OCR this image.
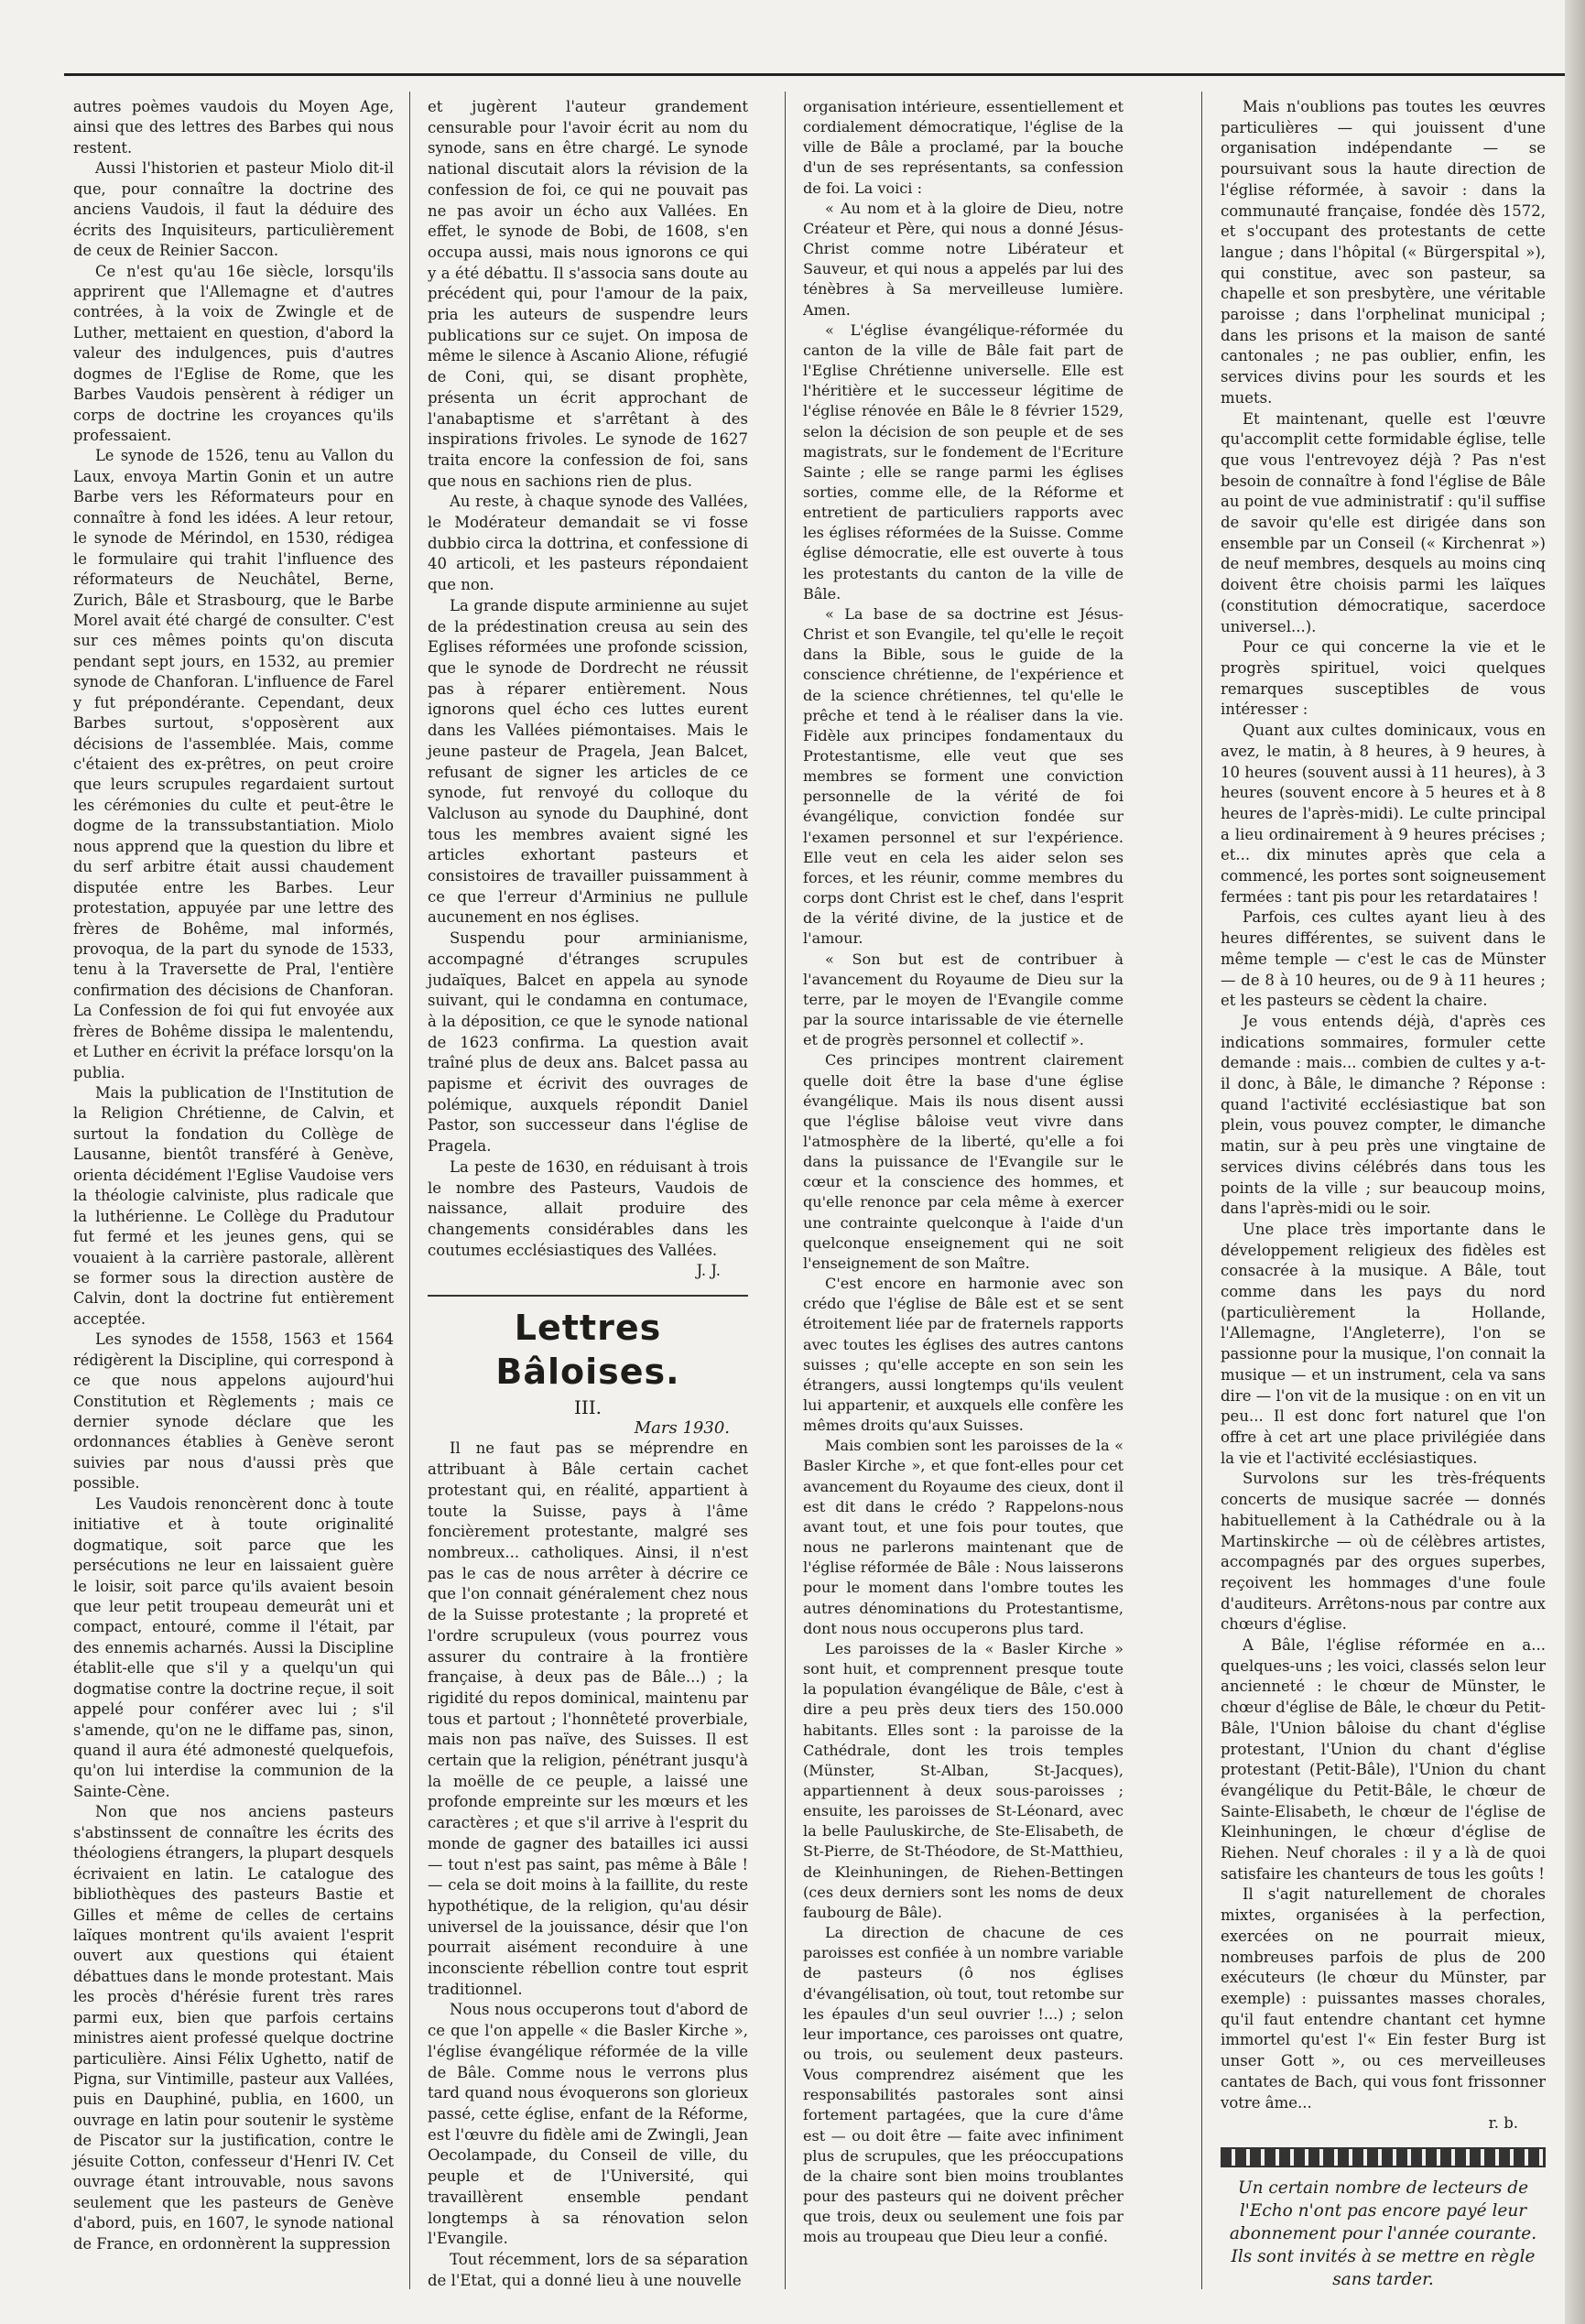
autres poèmes vaudois du Moyen Age, ainsi que des lettres des Barbes qui nous restent.

Aussi l'historien et pasteur Miolo dit-il que, pour connaître la doctrine des anciens Vaudois, il faut la déduire des écrits des Inquisiteurs, particulièrement de ceux de Reinier Saccon.

Ce n'est qu'au 16e siècle, lorsqu'ils apprirent que l'Allemagne et d'autres contrées, à la voix de Zwingle et de Luther, mettaient en question, d'abord la valeur des indulgences, puis d'autres dogmes de l'Eglise de Rome, que les Barbes Vaudois pensèrent à rédiger un corps de doctrine les croyances qu'ils professaient.

Le synode de 1526, tenu au Vallon du Laux, envoya Martin Gonin et un autre Barbe vers les Réformateurs pour en connaître à fond les idées. A leur retour, le synode de Mérindol, en 1530, rédigea le formulaire qui trahit l'influence des réformateurs de Neuchâtel, Berne, Zurich, Bâle et Strasbourg, que le Barbe Morel avait été chargé de consulter. C'est sur ces mêmes points qu'on discuta pendant sept jours, en 1532, au premier synode de Chanforan. L'influence de Farel y fut prépondérante. Cependant, deux Barbes surtout, s'opposèrent aux décisions de l'assemblée. Mais, comme c'étaient des ex-prêtres, on peut croire que leurs scrupules regardaient surtout les cérémonies du culte et peut-être le dogme de la transsubstantiation. Miolo nous apprend que la question du libre et du serf arbitre était aussi chaudement disputée entre les Barbes. Leur protestation, appuyée par une lettre des frères de Bohême, mal informés, provoqua, de la part du synode de 1533, tenu à la Traversette de Pral, l'entière confirmation des décisions de Chanforan. La Confession de foi qui fut envoyée aux frères de Bohême dissipa le malentendu, et Luther en écrivit la préface lorsqu'on la publia.

Mais la publication de l'Institution de la Religion Chrétienne, de Calvin, et surtout la fondation du Collège de Lausanne, bientôt transféré à Genève, orienta décidément l'Eglise Vaudoise vers la théologie calviniste, plus radicale que la luthérienne. Le Collège du Pradutour fut fermé et les jeunes gens, qui se vouaient à la carrière pastorale, allèrent se former sous la direction austère de Calvin, dont la doctrine fut entièrement acceptée.

Les synodes de 1558, 1563 et 1564 rédigèrent la Discipline, qui correspond à ce que nous appelons aujourd'hui Constitution et Règlements ; mais ce dernier synode déclare que les ordonnances établies à Genève seront suivies par nous d'aussi près que possible.

Les Vaudois renoncèrent donc à toute initiative et à toute originalité dogmatique, soit parce que les persécutions ne leur en laissaient guère le loisir, soit parce qu'ils avaient besoin que leur petit troupeau demeurât uni et compact, entouré, comme il l'était, par des ennemis acharnés. Aussi la Discipline établit-elle que s'il y a quelqu'un qui dogmatise contre la doctrine reçue, il soit appelé pour conférer avec lui ; s'il s'amende, qu'on ne le diffame pas, sinon, quand il aura été admonesté quelquefois, qu'on lui interdise la communion de la Sainte-Cène.

Non que nos anciens pasteurs s'abstinssent de connaître les écrits des théologiens étrangers, la plupart desquels écrivaient en latin. Le catalogue des bibliothèques des pasteurs Bastie et Gilles et même de celles de certains laïques montrent qu'ils avaient l'esprit ouvert aux questions qui étaient débattues dans le monde protestant. Mais les procès d'hérésie furent très rares parmi eux, bien que parfois certains ministres aient professé quelque doctrine particulière. Ainsi Félix Ughetto, natif de Pigna, sur Vintimille, pasteur aux Vallées, puis en Dauphiné, publia, en 1600, un ouvrage en latin pour soutenir le système de Piscator sur la justification, contre le jésuite Cotton, confesseur d'Henri IV. Cet ouvrage étant introuvable, nous savons seulement que les pasteurs de Genève d'abord, puis, en 1607, le synode national de France, en ordonnèrent la suppression

et jugèrent l'auteur grandement censurable pour l'avoir écrit au nom du synode, sans en être chargé. Le synode national discutait alors la révision de la confession de foi, ce qui ne pouvait pas ne pas avoir un écho aux Vallées. En effet, le synode de Bobi, de 1608, s'en occupa aussi, mais nous ignorons ce qui y a été débattu. Il s'associa sans doute au précédent qui, pour l'amour de la paix, pria les auteurs de suspendre leurs publications sur ce sujet. On imposa de même le silence à Ascanio Alione, réfugié de Coni, qui, se disant prophète, présenta un écrit approchant de l'anabaptisme et s'arrêtant à des inspirations frivoles. Le synode de 1627 traita encore la confession de foi, sans que nous en sachions rien de plus.

Au reste, à chaque synode des Vallées, le Modérateur demandait se vi fosse dubbio circa la dottrina, et confessione di 40 articoli, et les pasteurs répondaient que non.

La grande dispute arminienne au sujet de la prédestination creusa au sein des Eglises réformées une profonde scission, que le synode de Dordrecht ne réussit pas à réparer entièrement. Nous ignorons quel écho ces luttes eurent dans les Vallées piémontaises. Mais le jeune pasteur de Pragela, Jean Balcet, refusant de signer les articles de ce synode, fut renvoyé du colloque du Valcluson au synode du Dauphiné, dont tous les membres avaient signé les articles exhortant pasteurs et consistoires de travailler puissamment à ce que l'erreur d'Arminius ne pullule aucunement en nos églises.

Suspendu pour arminianisme, accompagné d'étranges scrupules judaïques, Balcet en appela au synode suivant, qui le condamna en contumace, à la déposition, ce que le synode national de 1623 confirma. La question avait traîné plus de deux ans. Balcet passa au papisme et écrivit des ouvrages de polémique, auxquels répondit Daniel Pastor, son successeur dans l'église de Pragela.

La peste de 1630, en réduisant à trois le nombre des Pasteurs, Vaudois de naissance, allait produire des changements considérables dans les coutumes ecclésiastiques des Vallées.

J. J.

Lettres Bâloises.

III.

Mars 1930.

Il ne faut pas se méprendre en attribuant à Bâle certain cachet protestant qui, en réalité, appartient à toute la Suisse, pays à l'âme foncièrement protestante, malgré ses nombreux... catholiques. Ainsi, il n'est pas le cas de nous arrêter à décrire ce que l'on connait généralement chez nous de la Suisse protestante ; la propreté et l'ordre scrupuleux (vous pourrez vous assurer du contraire à la frontière française, à deux pas de Bâle...) ; la rigidité du repos dominical, maintenu par tous et partout ; l'honnêteté proverbiale, mais non pas naïve, des Suisses. Il est certain que la religion, pénétrant jusqu'à la moëlle de ce peuple, a laissé une profonde empreinte sur les mœurs et les caractères ; et que s'il arrive à l'esprit du monde de gagner des batailles ici aussi — tout n'est pas saint, pas même à Bâle ! — cela se doit moins à la faillite, du reste hypothétique, de la religion, qu'au désir universel de la jouissance, désir que l'on pourrait aisément reconduire à une inconsciente rébellion contre tout esprit traditionnel.

Nous nous occuperons tout d'abord de ce que l'on appelle « die Basler Kirche », l'église évangélique réformée de la ville de Bâle. Comme nous le verrons plus tard quand nous évoquerons son glorieux passé, cette église, enfant de la Réforme, est l'œuvre du fidèle ami de Zwingli, Jean Oecolampade, du Conseil de ville, du peuple et de l'Université, qui travaillèrent ensemble pendant longtemps à sa rénovation selon l'Evangile.

Tout récemment, lors de sa séparation de l'Etat, qui a donné lieu à une nouvelle

organisation intérieure, essentiellement et cordialement démocratique, l'église de la ville de Bâle a proclamé, par la bouche d'un de ses représentants, sa confession de foi. La voici :

« Au nom et à la gloire de Dieu, notre Créateur et Père, qui nous a donné Jésus-Christ comme notre Libérateur et Sauveur, et qui nous a appelés par lui des ténèbres à Sa merveilleuse lumière. Amen.

« L'église évangélique-réformée du canton de la ville de Bâle fait part de l'Eglise Chrétienne universelle. Elle est l'héritière et le successeur légitime de l'église rénovée en Bâle le 8 février 1529, selon la décision de son peuple et de ses magistrats, sur le fondement de l'Ecriture Sainte ; elle se range parmi les églises sorties, comme elle, de la Réforme et entretient de particuliers rapports avec les églises réformées de la Suisse. Comme église démocratie, elle est ouverte à tous les protestants du canton de la ville de Bâle.

« La base de sa doctrine est Jésus-Christ et son Evangile, tel qu'elle le reçoit dans la Bible, sous le guide de la conscience chrétienne, de l'expérience et de la science chrétiennes, tel qu'elle le prêche et tend à le réaliser dans la vie. Fidèle aux principes fondamentaux du Protestantisme, elle veut que ses membres se forment une conviction personnelle de la vérité de foi évangélique, conviction fondée sur l'examen personnel et sur l'expérience. Elle veut en cela les aider selon ses forces, et les réunir, comme membres du corps dont Christ est le chef, dans l'esprit de la vérité divine, de la justice et de l'amour.

« Son but est de contribuer à l'avancement du Royaume de Dieu sur la terre, par le moyen de l'Evangile comme par la source intarissable de vie éternelle et de progrès personnel et collectif ».

Ces principes montrent clairement quelle doit être la base d'une église évangélique. Mais ils nous disent aussi que l'église bâloise veut vivre dans l'atmosphère de la liberté, qu'elle a foi dans la puissance de l'Evangile sur le cœur et la conscience des hommes, et qu'elle renonce par cela même à exercer une contrainte quelconque à l'aide d'un quelconque enseignement qui ne soit l'enseignement de son Maître.

C'est encore en harmonie avec son crédo que l'église de Bâle est et se sent étroitement liée par de fraternels rapports avec toutes les églises des autres cantons suisses ; qu'elle accepte en son sein les étrangers, aussi longtemps qu'ils veulent lui appartenir, et auxquels elle confère les mêmes droits qu'aux Suisses.

Mais combien sont les paroisses de la « Basler Kirche », et que font-elles pour cet avancement du Royaume des cieux, dont il est dit dans le crédo ? Rappelons-nous avant tout, et une fois pour toutes, que nous ne parlerons maintenant que de l'église réformée de Bâle : Nous laisserons pour le moment dans l'ombre toutes les autres dénominations du Protestantisme, dont nous nous occuperons plus tard.

Les paroisses de la « Basler Kirche » sont huit, et comprennent presque toute la population évangélique de Bâle, c'est à dire a peu près deux tiers des 150.000 habitants. Elles sont : la paroisse de la Cathédrale, dont les trois temples (Münster, St-Alban, St-Jacques), appartiennent à deux sous-paroisses ; ensuite, les paroisses de St-Léonard, avec la belle Pauluskirche, de Ste-Elisabeth, de St-Pierre, de St-Théodore, de St-Matthieu, de Kleinhuningen, de Riehen-Bettingen (ces deux derniers sont les noms de deux faubourg de Bâle).

La direction de chacune de ces paroisses est confiée à un nombre variable de pasteurs (ô nos églises d'évangélisation, où tout, tout retombe sur les épaules d'un seul ouvrier !...) ; selon leur importance, ces paroisses ont quatre, ou trois, ou seulement deux pasteurs. Vous comprendrez aisément que les responsabilités pastorales sont ainsi fortement partagées, que la cure d'âme est — ou doit être — faite avec infiniment plus de scrupules, que les préoccupations de la chaire sont bien moins troublantes pour des pasteurs qui ne doivent prêcher que trois, deux ou seulement une fois par mois au troupeau que Dieu leur a confié.

Mais n'oublions pas toutes les œuvres particulières — qui jouissent d'une organisation indépendante — se poursuivant sous la haute direction de l'église réformée, à savoir : dans la communauté française, fondée dès 1572, et s'occupant des protestants de cette langue ; dans l'hôpital (« Bürgerspital »), qui constitue, avec son pasteur, sa chapelle et son presbytère, une véritable paroisse ; dans l'orphelinat municipal ; dans les prisons et la maison de santé cantonales ; ne pas oublier, enfin, les services divins pour les sourds et les muets.

Et maintenant, quelle est l'œuvre qu'accomplit cette formidable église, telle que vous l'entrevoyez déjà ? Pas n'est besoin de connaître à fond l'église de Bâle au point de vue administratif : qu'il suffise de savoir qu'elle est dirigée dans son ensemble par un Conseil (« Kirchenrat ») de neuf membres, desquels au moins cinq doivent être choisis parmi les laïques (constitution démocratique, sacerdoce universel...).

Pour ce qui concerne la vie et le progrès spirituel, voici quelques remarques susceptibles de vous intéresser :

Quant aux cultes dominicaux, vous en avez, le matin, à 8 heures, à 9 heures, à 10 heures (souvent aussi à 11 heures), à 3 heures (souvent encore à 5 heures et à 8 heures de l'après-midi). Le culte principal a lieu ordinairement à 9 heures précises ; et... dix minutes après que cela a commencé, les portes sont soigneusement fermées : tant pis pour les retardataires !

Parfois, ces cultes ayant lieu à des heures différentes, se suivent dans le même temple — c'est le cas de Münster — de 8 à 10 heures, ou de 9 à 11 heures ; et les pasteurs se cèdent la chaire.

Je vous entends déjà, d'après ces indications sommaires, formuler cette demande : mais... combien de cultes y a-t-il donc, à Bâle, le dimanche ? Réponse : quand l'activité ecclésiastique bat son plein, vous pouvez compter, le dimanche matin, sur à peu près une vingtaine de services divins célébrés dans tous les points de la ville ; sur beaucoup moins, dans l'après-midi ou le soir.

Une place très importante dans le développement religieux des fidèles est consacrée à la musique. A Bâle, tout comme dans les pays du nord (particulièrement la Hollande, l'Allemagne, l'Angleterre), l'on se passionne pour la musique, l'on connait la musique — et un instrument, cela va sans dire — l'on vit de la musique : on en vit un peu... Il est donc fort naturel que l'on offre à cet art une place privilégiée dans la vie et l'activité ecclésiastiques.

Survolons sur les très-fréquents concerts de musique sacrée — donnés habituellement à la Cathédrale ou à la Martinskirche — où de célèbres artistes, accompagnés par des orgues superbes, reçoivent les hommages d'une foule d'auditeurs. Arrêtons-nous par contre aux chœurs d'église.

A Bâle, l'église réformée en a... quelques-uns ; les voici, classés selon leur ancienneté : le chœur de Münster, le chœur d'église de Bâle, le chœur du Petit-Bâle, l'Union bâloise du chant d'église protestant, l'Union du chant d'église protestant (Petit-Bâle), l'Union du chant évangélique du Petit-Bâle, le chœur de Sainte-Elisabeth, le chœur de l'église de Kleinhuningen, le chœur d'église de Riehen. Neuf chorales : il y a là de quoi satisfaire les chanteurs de tous les goûts !

Il s'agit naturellement de chorales mixtes, organisées à la perfection, exercées on ne pourrait mieux, nombreuses parfois de plus de 200 exécuteurs (le chœur du Münster, par exemple) : puissantes masses chorales, qu'il faut entendre chantant cet hymne immortel qu'est l'« Ein fester Burg ist unser Gott », ou ces merveilleuses cantates de Bach, qui vous font frissonner votre âme...

r. b.

Un certain nombre de lecteurs de l'Echo n'ont pas encore payé leur abonnement pour l'année courante. Ils sont invités à se mettre en règle sans tarder.
